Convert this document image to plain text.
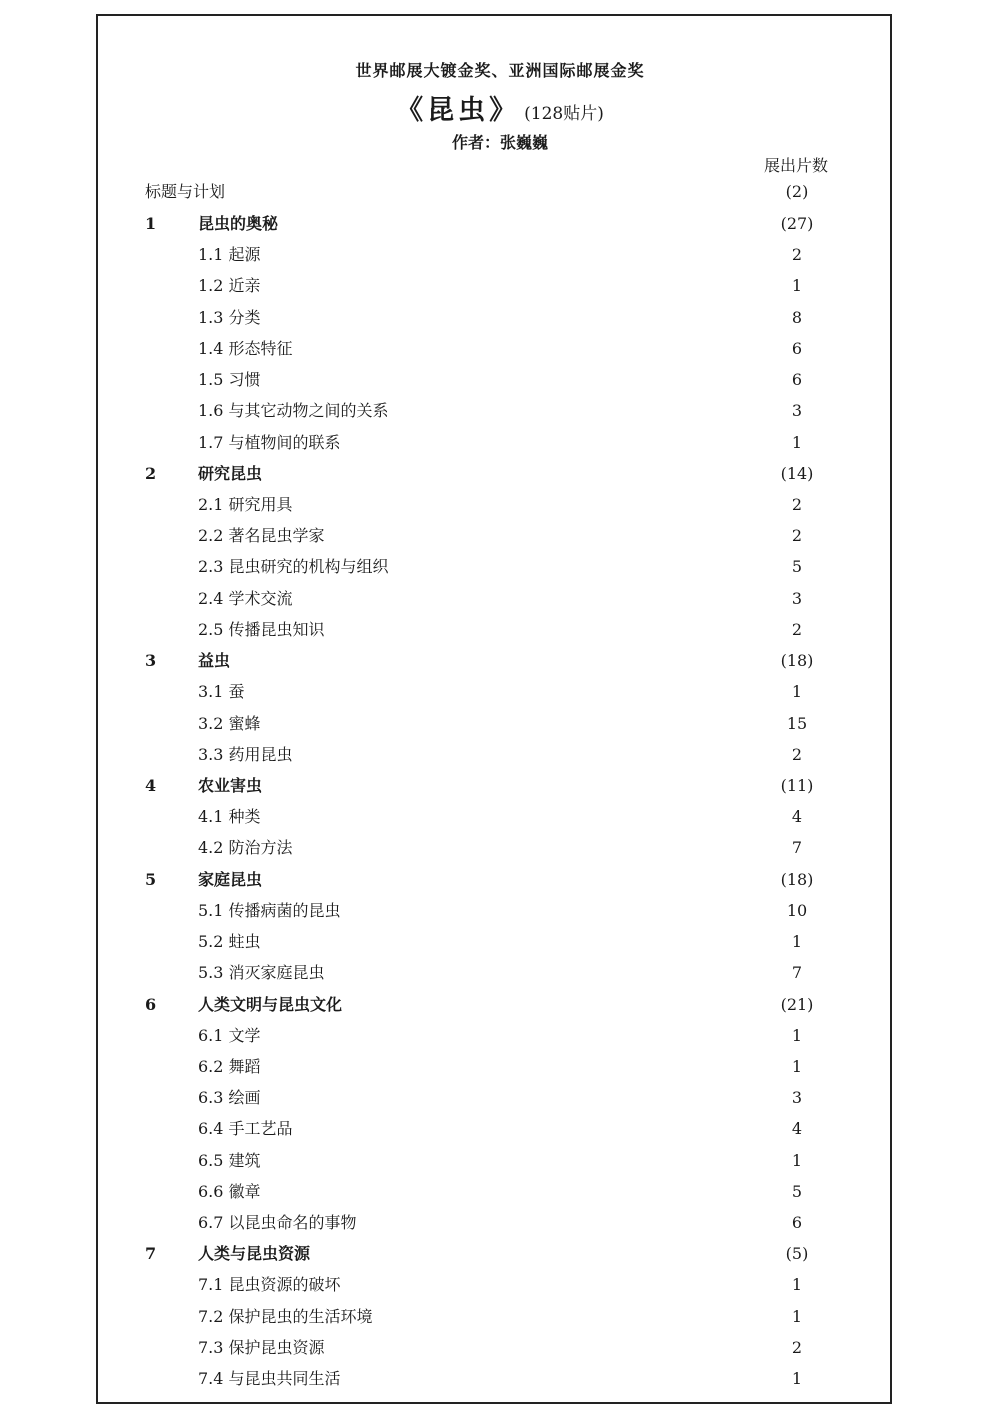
世界邮展大镀金奖、亚洲国际邮展金奖
《昆虫》 (128贴片)
作者：张巍巍
展出片数
标题与计划	(2)
1	昆虫的奥秘	(27)
1.1 起源	2
1.2 近亲	1
1.3 分类	8
1.4 形态特征	6
1.5 习惯	6
1.6 与其它动物之间的关系	3
1.7 与植物间的联系	1
2	研究昆虫	(14)
2.1 研究用具	2
2.2 著名昆虫学家	2
2.3 昆虫研究的机构与组织	5
2.4 学术交流	3
2.5 传播昆虫知识	2
3	益虫	(18)
3.1 蚕	1
3.2 蜜蜂	15
3.3 药用昆虫	2
4	农业害虫	(11)
4.1 种类	4
4.2 防治方法	7
5	家庭昆虫	(18)
5.1 传播病菌的昆虫	10
5.2 蛀虫	1
5.3 消灭家庭昆虫	7
6	人类文明与昆虫文化	(21)
6.1 文学	1
6.2 舞蹈	1
6.3 绘画	3
6.4 手工艺品	4
6.5 建筑	1
6.6 徽章	5
6.7 以昆虫命名的事物	6
7	人类与昆虫资源	(5)
7.1 昆虫资源的破坏	1
7.2 保护昆虫的生活环境	1
7.3 保护昆虫资源	2
7.4 与昆虫共同生活	1
